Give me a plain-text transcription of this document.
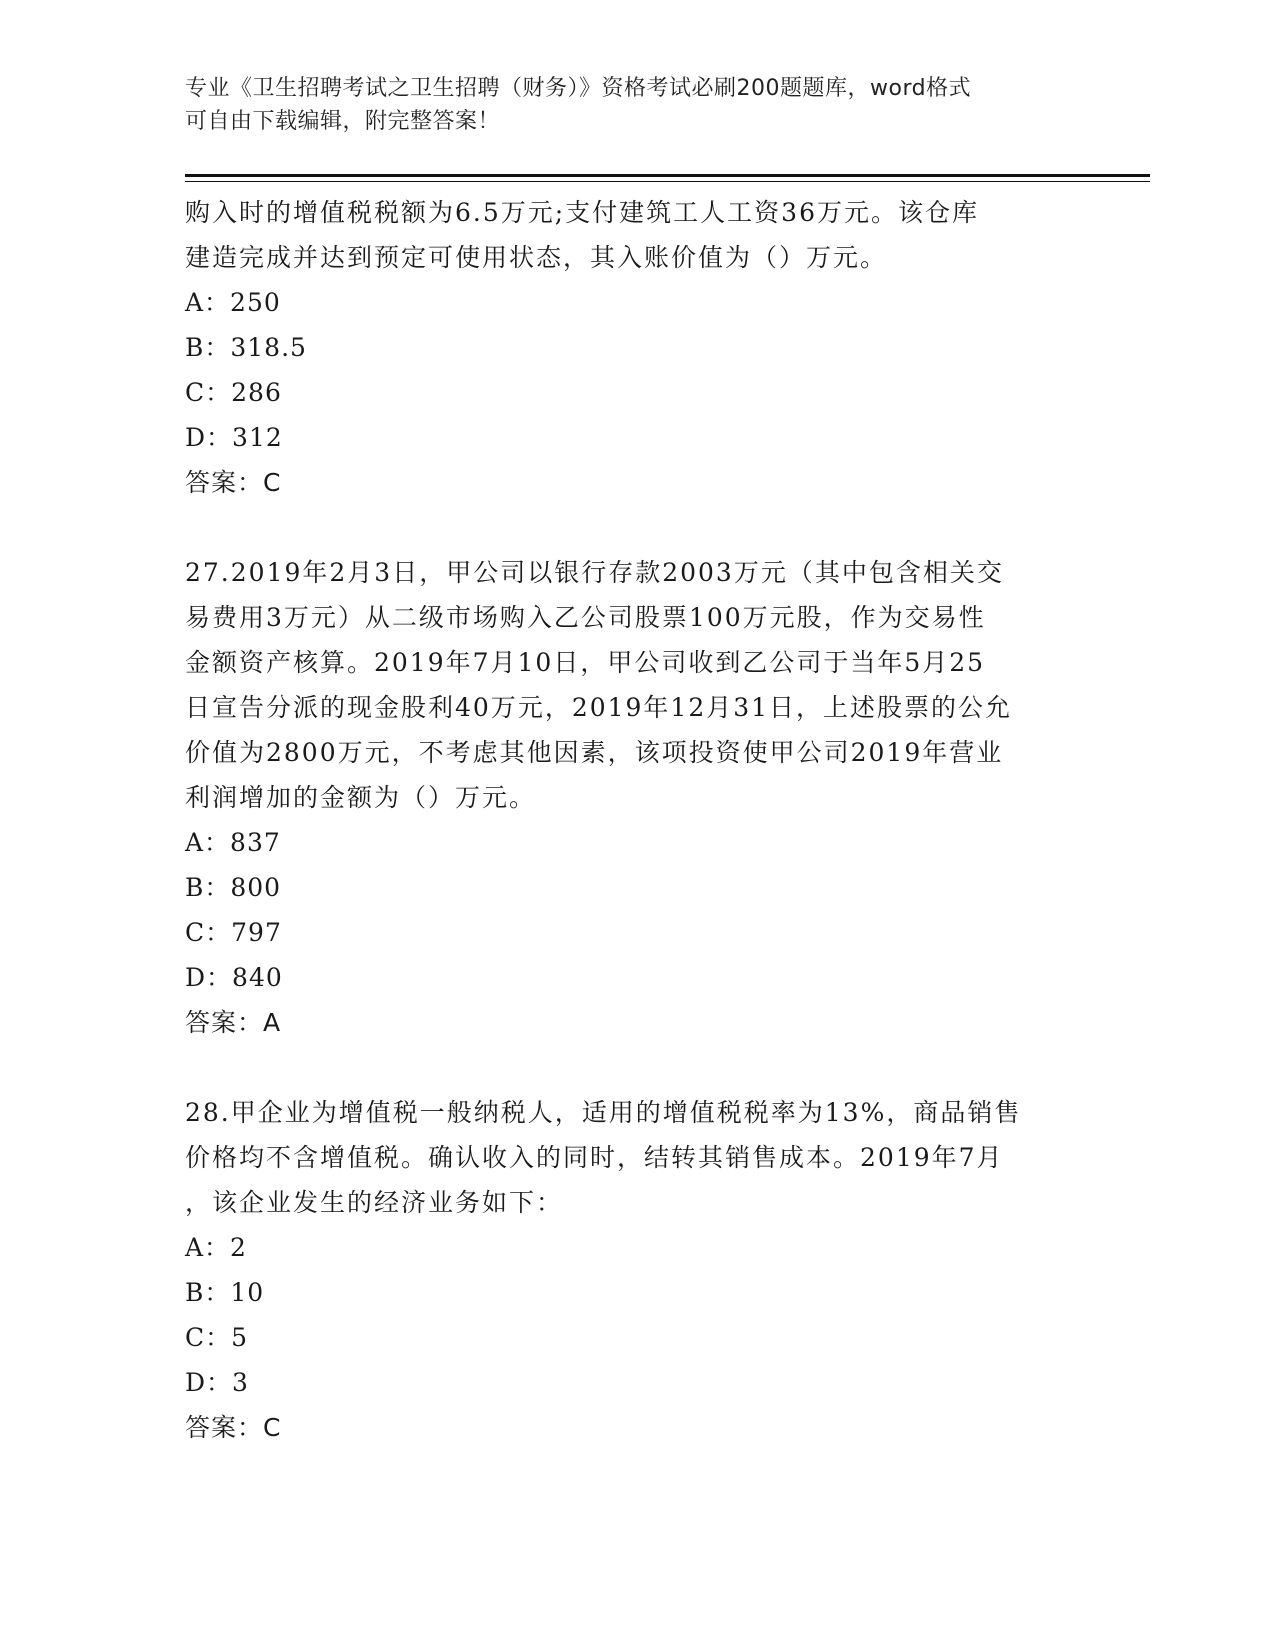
专业《卫生招聘考试之卫生招聘（财务）》资格考试必刷200题题库，word格式
可自由下载编辑，附完整答案！

购入时的增值税税额为6.5万元;支付建筑工人工资36万元。该仓库

建造完成并达到预定可使用状态，其入账价值为（）万元。

A：250

B：318.5

C：286

D：312

答案：C

27.2019年2月3日，甲公司以银行存款2003万元（其中包含相关交

易费用3万元）从二级市场购入乙公司股票100万元股，作为交易性

金额资产核算。2019年7月10日，甲公司收到乙公司于当年5月25

日宣告分派的现金股利40万元，2019年12月31日，上述股票的公允

价值为2800万元，不考虑其他因素，该项投资使甲公司2019年营业

利润增加的金额为（）万元。

A：837

B：800

C：797

D：840

答案：A

28.甲企业为增值税一般纳税人，适用的增值税税率为13%，商品销售

价格均不含增值税。确认收入的同时，结转其销售成本。2019年7月

，该企业发生的经济业务如下：

A：2

B：10

C：5

D：3

答案：C
